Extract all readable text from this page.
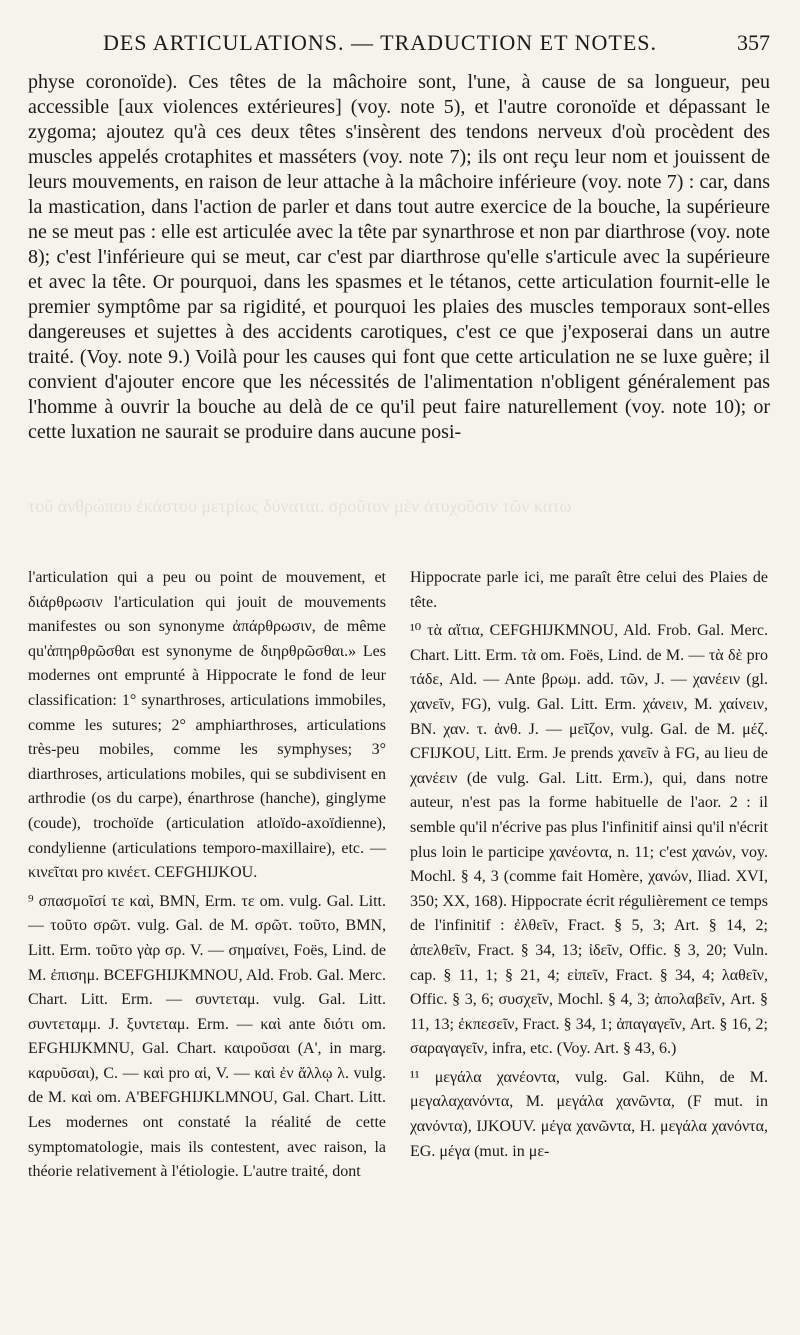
DES ARTICULATIONS. — TRADUCTION ET NOTES.	357

physe coronoïde). Ces têtes de la mâchoire sont, l'une, à cause de sa longueur, peu accessible [aux violences extérieures] (voy. note 5), et l'autre coronoïde et dépassant le zygoma; ajoutez qu'à ces deux têtes s'insèrent des tendons nerveux d'où procèdent des muscles appelés crotaphites et masséters (voy. note 7); ils ont reçu leur nom et jouissent de leurs mouvements, en raison de leur attache à la mâchoire inférieure (voy. note 7) : car, dans la mastication, dans l'action de parler et dans tout autre exercice de la bouche, la supérieure ne se meut pas : elle est articulée avec la tête par synarthrose et non par diarthrose (voy. note 8); c'est l'inférieure qui se meut, car c'est par diarthrose qu'elle s'articule avec la supérieure et avec la tête. Or pourquoi, dans les spasmes et le tétanos, cette articulation fournit-elle le premier symptôme par sa rigidité, et pourquoi les plaies des muscles temporaux sont-elles dangereuses et sujettes à des accidents carotiques, c'est ce que j'exposerai dans un autre traité. (Voy. note 9.) Voilà pour les causes qui font que cette articulation ne se luxe guère; il convient d'ajouter encore que les nécessités de l'alimentation n'obligent généralement pas l'homme à ouvrir la bouche au delà de ce qu'il peut faire naturellement (voy. note 10); or cette luxation ne saurait se produire dans aucune posi-

τοῦ ἀνθρώπου ἐκάστου μετρίως δύναται. σροῦτον μὲν ἀτυχοῦσιν τῶν κατω

l'articulation qui a peu ou point de mouvement, et διάρθρωσιν l'articulation qui jouit de mouvements manifestes ou son synonyme ἀπάρθρωσιν, de même qu'ἀπηρθρῶσθαι est synonyme de διηρθρῶσθαι.» Les modernes ont emprunté à Hippocrate le fond de leur classification: 1° synarthroses, articulations immobiles, comme les sutures; 2° amphiarthroses, articulations très-peu mobiles, comme les symphyses; 3° diarthroses, articulations mobiles, qui se subdivisent en arthrodie (os du carpe), énarthrose (hanche), ginglyme (coude), trochoïde (articulation atloïdo-axoïdienne), condylienne (articulations temporo-maxillaire), etc. — κινεῖται pro κινέετ. CEFGHIJKOU.

⁹ σπασμοῖσί τε καὶ, BMN, Erm. τε om. vulg. Gal. Litt. — τοῦτο σρῶτ. vulg. Gal. de M. σρῶτ. τοῦτο, BMN, Litt. Erm. τοῦτο γὰρ σρ. V. — σημαίνει, Foës, Lind. de M. ἐπισημ. BCEFGHIJKMNOU, Ald. Frob. Gal. Merc. Chart. Litt. Erm. — συντεταμ. vulg. Gal. Litt. συντεταμμ. J. ξυντεταμ. Erm. — καὶ ante διότι om. EFGHIJKMNU, Gal. Chart. καιροῦσαι (A', in marg. καρυῦσαι), C. — καὶ pro αἱ, V. — καὶ ἐν ἄλλῳ λ. vulg. de M. καὶ om. A'BEFGHIJKLMNOU, Gal. Chart. Litt. Les modernes ont constaté la réalité de cette symptomatologie, mais ils contestent, avec raison, la théorie relativement à l'étiologie. L'autre traité, dont

Hippocrate parle ici, me paraît être celui des Plaies de tête.

¹⁰ τὰ αἴτια, CEFGHIJKMNOU, Ald. Frob. Gal. Merc. Chart. Litt. Erm. τὰ om. Foës, Lind. de M. — τὰ δὲ pro τάδε, Ald. — Ante βρωμ. add. τῶν, J. — χανέειν (gl. χανεῖν, FG), vulg. Gal. Litt. Erm. χάνειν, M. χαίνειν, BN. χαν. τ. ἀνθ. J. — μεῖζον, vulg. Gal. de M. μέζ. CFIJKOU, Litt. Erm. Je prends χανεῖν à FG, au lieu de χανέειν (de vulg. Gal. Litt. Erm.), qui, dans notre auteur, n'est pas la forme habituelle de l'aor. 2 : il semble qu'il n'écrive pas plus l'infinitif ainsi qu'il n'écrit plus loin le participe χανέοντα, n. 11; c'est χανών, voy. Mochl. § 4, 3 (comme fait Homère, χανών, Iliad. XVI, 350; XX, 168). Hippocrate écrit régulièrement ce temps de l'infinitif : ἐλθεῖν, Fract. § 5, 3; Art. § 14, 2; ἀπελθεῖν, Fract. § 34, 13; ἰδεῖν, Offic. § 3, 20; Vuln. cap. § 11, 1; § 21, 4; εἰπεῖν, Fract. § 34, 4; λαθεῖν, Offic. § 3, 6; συσχεῖν, Mochl. § 4, 3; ἀπολαβεῖν, Art. § 11, 13; ἐκπεσεῖν, Fract. § 34, 1; ἀπαγαγεῖν, Art. § 16, 2; σαραγαγεῖν, infra, etc. (Voy. Art. § 43, 6.)

¹¹ μεγάλα χανέοντα, vulg. Gal. Kühn, de M. μεγαλαχανόντα, M. μεγάλα χανῶντα, (F mut. in χανόντα), IJKOUV. μέγα χανῶντα, H. μεγάλα χανόντα, EG. μέγα (mut. in με-
